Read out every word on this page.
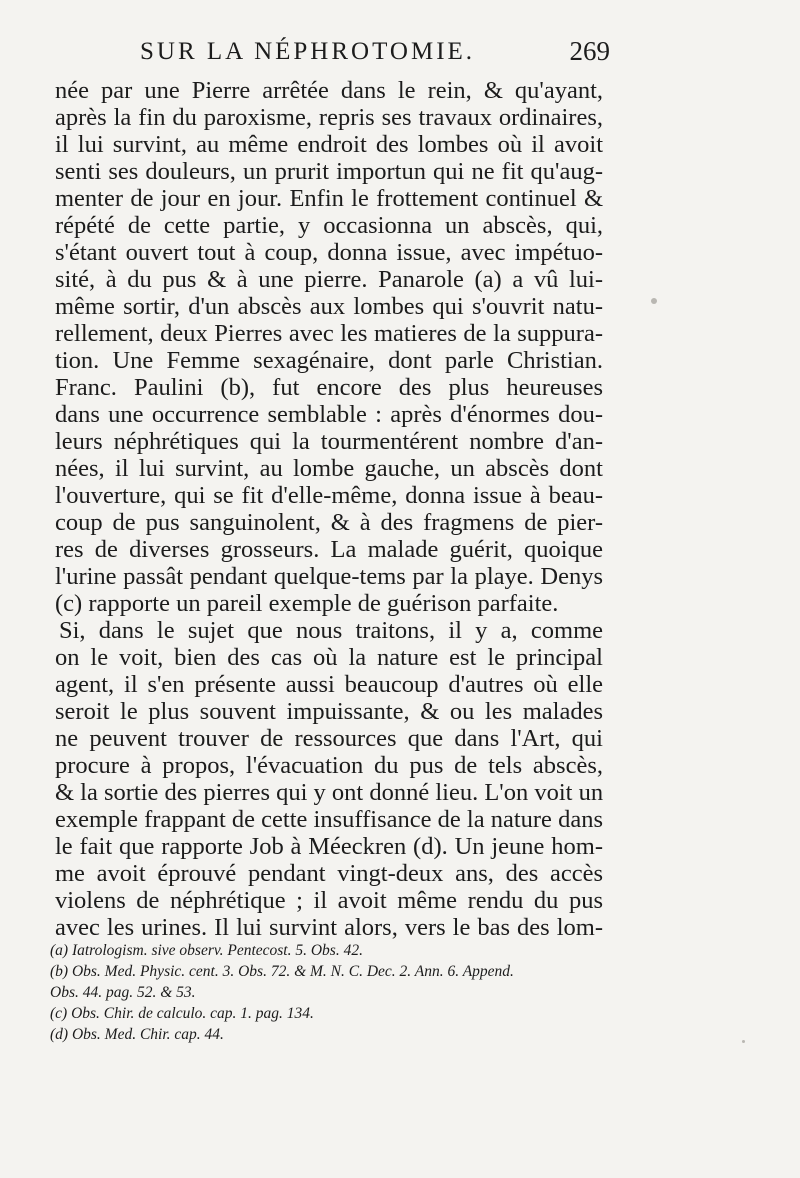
SUR LA NÉPHROTOMIE.	269
née par une Pierre arrêtée dans le rein, & qu'ayant,
après la fin du paroxisme, repris ses travaux ordinaires,
il lui survint, au même endroit des lombes où il avoit
senti ses douleurs, un prurit importun qui ne fit qu'aug-
menter de jour en jour. Enfin le frottement continuel &
répété de cette partie, y occasionna un abscès, qui,
s'étant ouvert tout à coup, donna issue, avec impétuo-
sité, à du pus & à une pierre. Panarole (a) a vû lui-
même sortir, d'un abscès aux lombes qui s'ouvrit natu-
rellement, deux Pierres avec les matieres de la suppura-
tion. Une Femme sexagénaire, dont parle Christian.
Franc. Paulini (b), fut encore des plus heureuses
dans une occurrence semblable : après d'énormes dou-
leurs néphrétiques qui la tourmentérent nombre d'an-
nées, il lui survint, au lombe gauche, un abscès dont
l'ouverture, qui se fit d'elle-même, donna issue à beau-
coup de pus sanguinolent, & à des fragmens de pier-
res de diverses grosseurs. La malade guérit, quoique
l'urine passât pendant quelque-tems par la playe. Denys
(c) rapporte un pareil exemple de guérison parfaite.
Si, dans le sujet que nous traitons, il y a, comme
on le voit, bien des cas où la nature est le principal
agent, il s'en présente aussi beaucoup d'autres où elle
seroit le plus souvent impuissante, & ou les malades
ne peuvent trouver de ressources que dans l'Art, qui
procure à propos, l'évacuation du pus de tels abscès,
& la sortie des pierres qui y ont donné lieu. L'on voit un
exemple frappant de cette insuffisance de la nature dans
le fait que rapporte Job à Méeckren (d). Un jeune hom-
me avoit éprouvé pendant vingt-deux ans, des accès
violens de néphrétique ; il avoit même rendu du pus
avec les urines. Il lui survint alors, vers le bas des lom-
(a) Iatrologism. sive observ. Pentecost. 5. Obs. 42.
(b) Obs. Med. Physic. cent. 3. Obs. 72. & M. N. C. Dec. 2. Ann. 6. Append.
Obs. 44. pag. 52. & 53.
(c) Obs. Chir. de calculo. cap. 1. pag. 134.
(d) Obs. Med. Chir. cap. 44.
